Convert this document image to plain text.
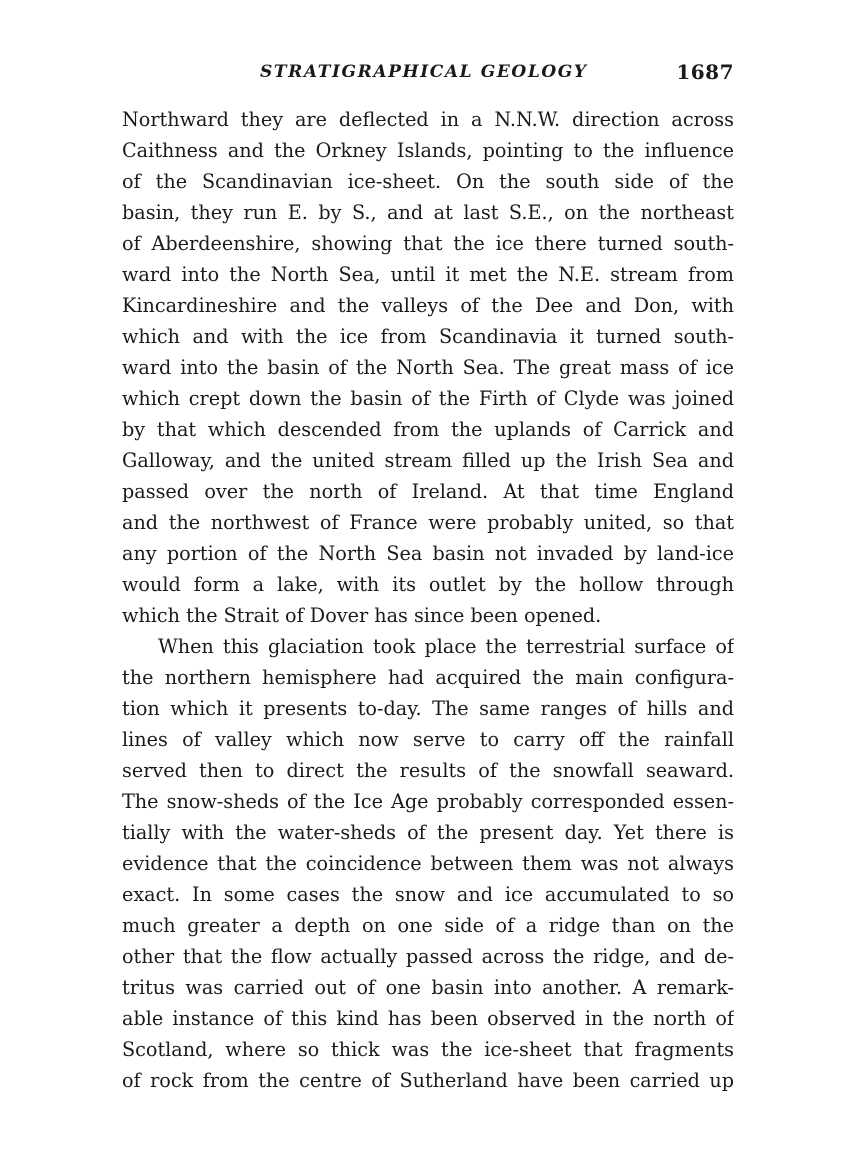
STRATIGRAPHICAL GEOLOGY	1687
Northward they are deflected in a N.N.W. direction across
Caithness and the Orkney Islands, pointing to the influence
of the Scandinavian ice-sheet. On the south side of the
basin, they run E. by S., and at last S.E., on the northeast
of Aberdeenshire, showing that the ice there turned south-
ward into the North Sea, until it met the N.E. stream from
Kincardineshire and the valleys of the Dee and Don, with
which and with the ice from Scandinavia it turned south-
ward into the basin of the North Sea. The great mass of ice
which crept down the basin of the Firth of Clyde was joined
by that which descended from the uplands of Carrick and
Galloway, and the united stream filled up the Irish Sea and
passed over the north of Ireland. At that time England
and the northwest of France were probably united, so that
any portion of the North Sea basin not invaded by land-ice
would form a lake, with its outlet by the hollow through
which the Strait of Dover has since been opened.
When this glaciation took place the terrestrial surface of
the northern hemisphere had acquired the main configura-
tion which it presents to-day. The same ranges of hills and
lines of valley which now serve to carry off the rainfall
served then to direct the results of the snowfall seaward.
The snow-sheds of the Ice Age probably corresponded essen-
tially with the water-sheds of the present day. Yet there is
evidence that the coincidence between them was not always
exact. In some cases the snow and ice accumulated to so
much greater a depth on one side of a ridge than on the
other that the flow actually passed across the ridge, and de-
tritus was carried out of one basin into another. A remark-
able instance of this kind has been observed in the north of
Scotland, where so thick was the ice-sheet that fragments
of rock from the centre of Sutherland have been carried up
